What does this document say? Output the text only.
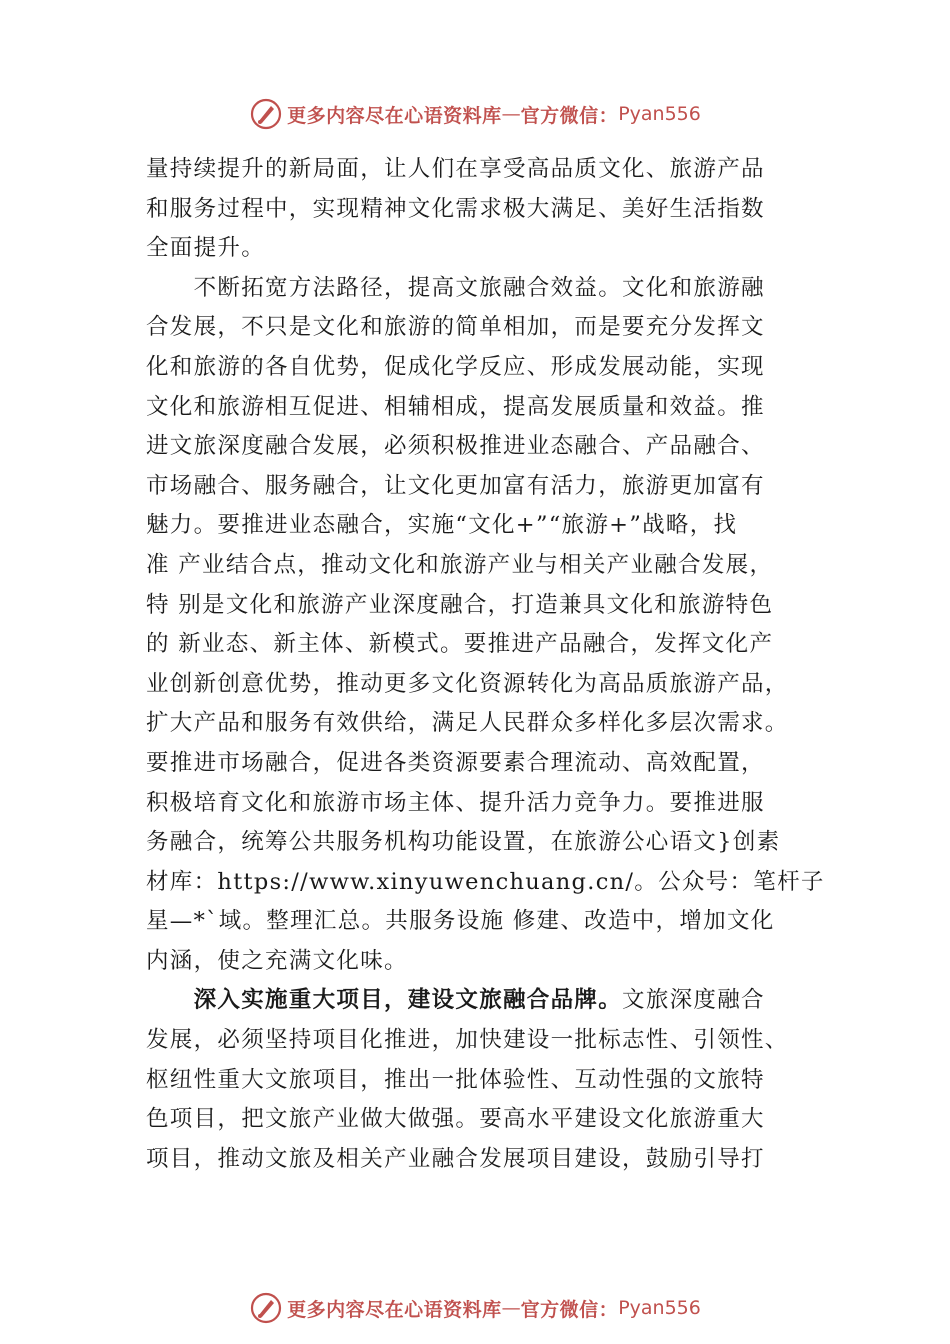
更多内容尽在心语资料库 — 官方微信： Pyan556
量持续提升的新局面，让人们在享受高品质文化、旅游产品
和服务过程中，实现精神文化需求极大满足、美好生活指数
全面提升。
　　不断拓宽方法路径，提高文旅融合效益。文化和旅游融
合发展，不只是文化和旅游的简单相加，而是要充分发挥文
化和旅游的各自优势，促成化学反应、形成发展动能，实现
文化和旅游相互促进、相辅相成，提高发展质量和效益。推
进文旅深度融合发展，必须积极推进业态融合、产品融合、
市场融合、服务融合，让文化更加富有活力，旅游更加富有
魅力。要推进业态融合，实施“文化+”“旅游+”战略，找
准 产业结合点，推动文化和旅游产业与相关产业融合发展，
特 别是文化和旅游产业深度融合，打造兼具文化和旅游特色
的 新业态、新主体、新模式。要推进产品融合，发挥文化产
业创新创意优势，推动更多文化资源转化为高品质旅游产品，
扩大产品和服务有效供给，满足人民群众多样化多层次需求。
要推进市场融合，促进各类资源要素合理流动、高效配置，
积极培育文化和旅游市场主体、提升活力竞争力。要推进服
务融合，统筹公共服务机构功能设置，在旅游公心语文}创素
材库：https://www.xinyuwenchuang.cn/。公众号：笔杆子
星—*`域。整理汇总。共服务设施 修建、改造中，增加文化
内涵，使之充满文化味。
　　深入实施重大项目，建设文旅融合品牌。文旅深度融合
发展，必须坚持项目化推进，加快建设一批标志性、引领性、
枢纽性重大文旅项目，推出一批体验性、互动性强的文旅特
色项目，把文旅产业做大做强。要高水平建设文化旅游重大
项目，推动文旅及相关产业融合发展项目建设，鼓励引导打
更多内容尽在心语资料库 — 官方微信： Pyan556
